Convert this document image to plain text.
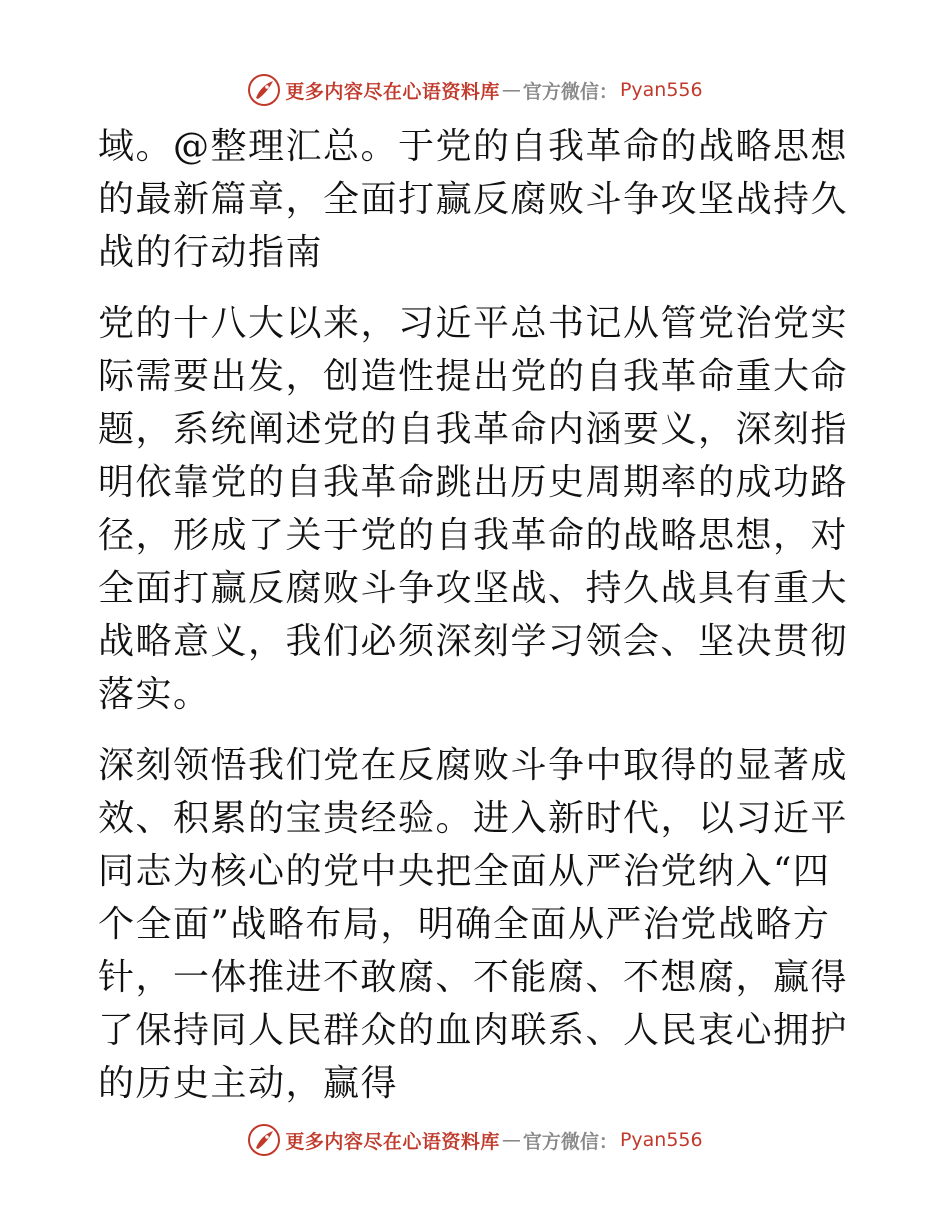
更多内容尽在心语资料库 — 官方微信： Pyan556

域。@整理汇总。于党的自我革命的战略思想的最新篇章，全面打赢反腐败斗争攻坚战持久战的行动指南

党的十八大以来，习近平总书记从管党治党实际需要出发，创造性提出党的自我革命重大命题，系统阐述党的自我革命内涵要义，深刻指明依靠党的自我革命跳出历史周期率的成功路径，形成了关于党的自我革命的战略思想，对全面打赢反腐败斗争攻坚战、持久战具有重大战略意义，我们必须深刻学习领会、坚决贯彻落实。

深刻领悟我们党在反腐败斗争中取得的显著成效、积累的宝贵经验。进入新时代，以习近平同志为核心的党中央把全面从严治党纳入“四个全面”战略布局，明确全面从严治党战略方针，一体推进不敢腐、不能腐、不想腐，赢得了保持同人民群众的血肉联系、人民衷心拥护的历史主动，赢得

更多内容尽在心语资料库 — 官方微信： Pyan556
